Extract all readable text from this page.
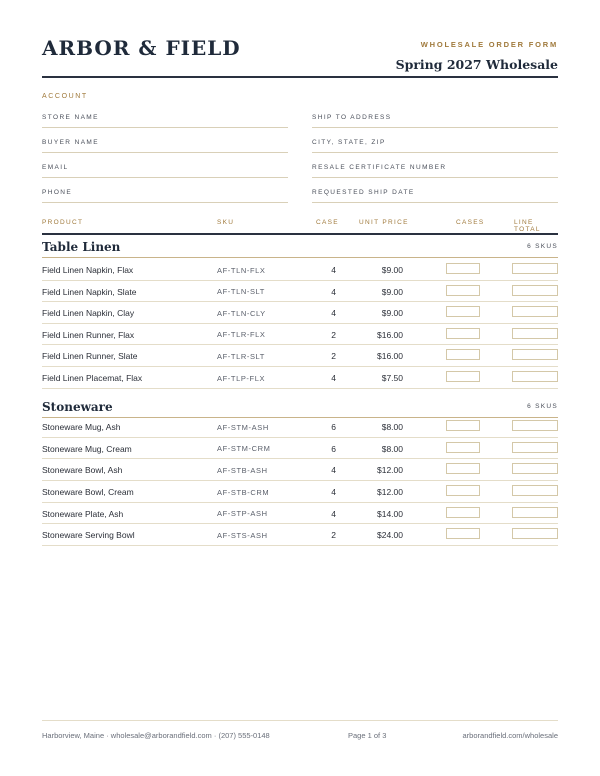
ARBOR & FIELD	WHOLESALE ORDER FORM
Spring 2027 Wholesale
ACCOUNT
STORE NAME
BUYER NAME
EMAIL
PHONE
SHIP TO ADDRESS
CITY, STATE, ZIP
RESALE CERTIFICATE NUMBER
REQUESTED SHIP DATE
PRODUCT	SKU	CASE	UNIT PRICE	CASES	LINE TOTAL
Table Linen	6 SKUS
Field Linen Napkin, Flax	AF-TLN-FLX	4	$9.00
Field Linen Napkin, Slate	AF-TLN-SLT	4	$9.00
Field Linen Napkin, Clay	AF-TLN-CLY	4	$9.00
Field Linen Runner, Flax	AF-TLR-FLX	2	$16.00
Field Linen Runner, Slate	AF-TLR-SLT	2	$16.00
Field Linen Placemat, Flax	AF-TLP-FLX	4	$7.50
Stoneware	6 SKUS
Stoneware Mug, Ash	AF-STM-ASH	6	$8.00
Stoneware Mug, Cream	AF-STM-CRM	6	$8.00
Stoneware Bowl, Ash	AF-STB-ASH	4	$12.00
Stoneware Bowl, Cream	AF-STB-CRM	4	$12.00
Stoneware Plate, Ash	AF-STP-ASH	4	$14.00
Stoneware Serving Bowl	AF-STS-ASH	2	$24.00
Harborview, Maine · wholesale@arborandfield.com · (207) 555-0148	Page 1 of 3	arborandfield.com/wholesale
